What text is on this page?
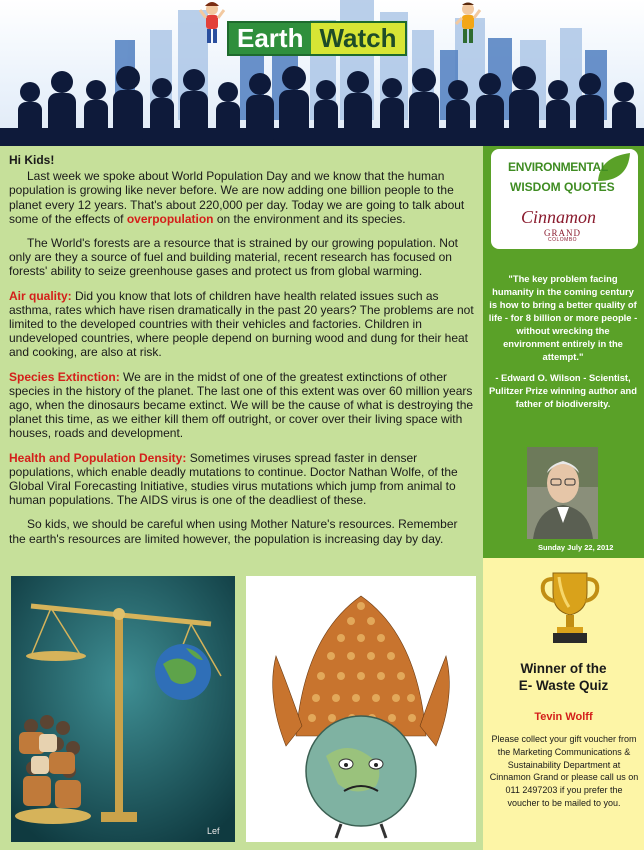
Earth Watch

Hi Kids!

Last week we spoke about World Population Day and we know that the human population is growing like never before. We are now adding one billion people to the planet every 12 years. That's about 220,000 per day. Today we are going to talk about some of the effects of overpopulation on the environment and its species.

The World's forests are a resource that is strained by our growing population. Not only are they a source of fuel and building material, recent research has focused on forests' ability to seize greenhouse gases and protect us from global warming.

Air quality: Did you know that lots of children have health related issues such as asthma, rates which have risen dramatically in the past 20 years? The problems are not limited to the developed countries with their vehicles and factories. Children in undeveloped countries, where people depend on burning wood and dung for their heat and cooking, are also at risk.

Species Extinction: We are in the midst of one of the greatest extinctions of other species in the history of the planet. The last one of this extent was over 60 million years ago, when the dinosaurs became extinct. We will be the cause of what is destroying the planet this time, as we either kill them off outright, or cover over their living space with houses, roads and development.

Health and Population Density: Sometimes viruses spread faster in denser populations, which enable deadly mutations to continue. Doctor Nathan Wolfe, of the Global Viral Forecasting Initiative, studies virus mutations which jump from animal to human populations. The AIDS virus is one of the deadliest of these.

So kids, we should be careful when using Mother Nature's resources. Remember the earth's resources are limited however, the population is increasing day by day.

Lef
ENVIRONMENTAL
WISDOM QUOTES
Cinnamon
GRAND
COLOMBO

"The key problem facing humanity in the coming century is how to bring a better quality of life - for 8 billion or more people - without wrecking the environment entirely in the attempt."

- Edward O. Wilson - Scientist, Pulitzer Prize winning author and father of biodiversity.

Sunday July 22, 2012
Winner of the
E- Waste Quiz
Tevin Wolff
Please collect your gift voucher from the Marketing Communications & Sustainability Department at Cinnamon Grand or please call us on 011 2497203 if you prefer the voucher to be mailed to you.
